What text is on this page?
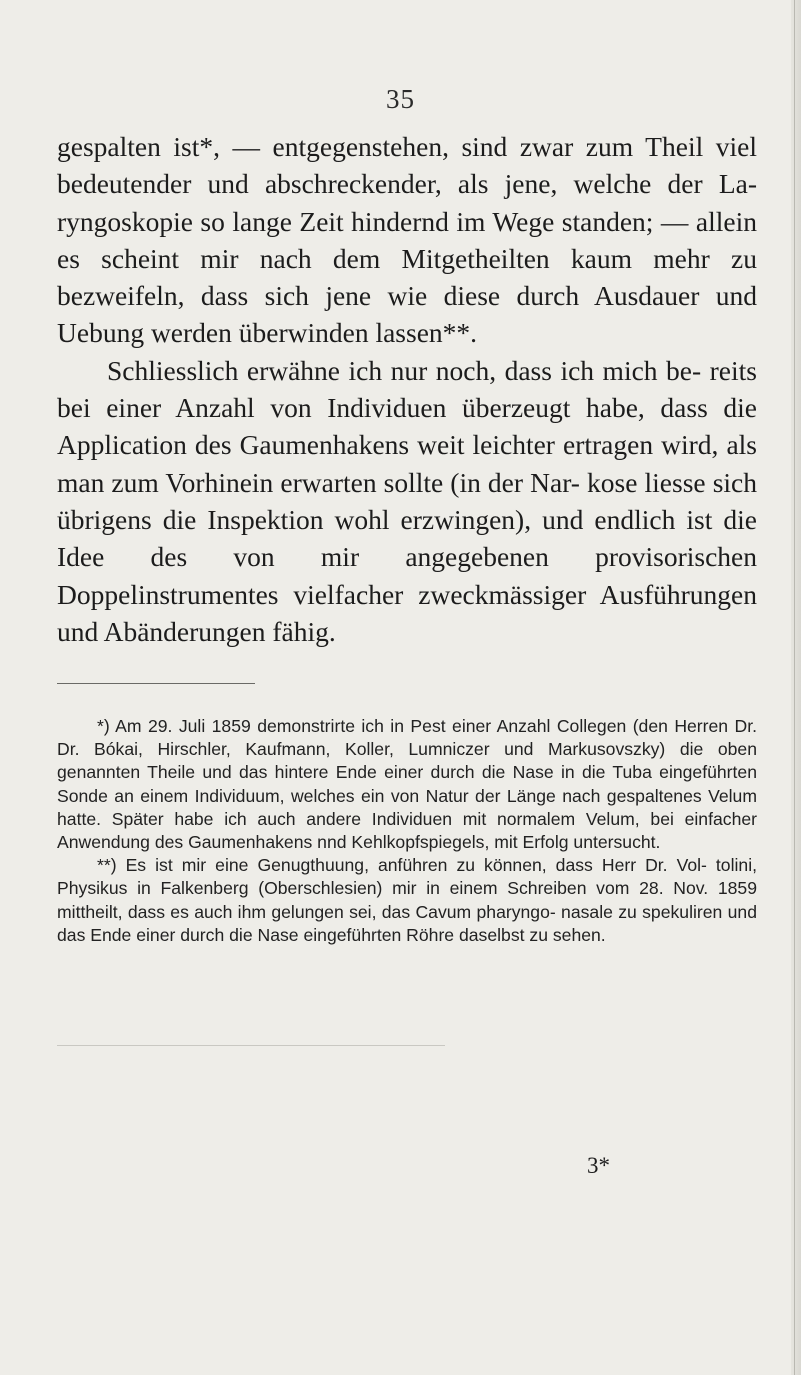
35

gespalten ist*, — entgegenstehen, sind zwar zum Theil viel bedeutender und abschreckender, als jene, welche der La- ryngoskopie so lange Zeit hindernd im Wege standen; — allein es scheint mir nach dem Mitgetheilten kaum mehr zu bezweifeln, dass sich jene wie diese durch Ausdauer und Uebung werden überwinden lassen**.

Schliesslich erwähne ich nur noch, dass ich mich be- reits bei einer Anzahl von Individuen überzeugt habe, dass die Application des Gaumenhakens weit leichter ertragen wird, als man zum Vorhinein erwarten sollte (in der Nar- kose liesse sich übrigens die Inspektion wohl erzwingen), und endlich ist die Idee des von mir angegebenen provisorischen Doppelinstrumentes vielfacher zweckmässiger Ausführungen und Abänderungen fähig.

*) Am 29. Juli 1859 demonstrirte ich in Pest einer Anzahl Collegen (den Herren Dr. Dr. Bókai, Hirschler, Kaufmann, Koller, Lumniczer und Markusovszky) die oben genannten Theile und das hintere Ende einer durch die Nase in die Tuba eingeführten Sonde an einem Individuum, welches ein von Natur der Länge nach gespaltenes Velum hatte. Später habe ich auch andere Individuen mit normalem Velum, bei einfacher Anwendung des Gaumenhakens nnd Kehlkopfspiegels, mit Erfolg untersucht.

**) Es ist mir eine Genugthuung, anführen zu können, dass Herr Dr. Vol- tolini, Physikus in Falkenberg (Oberschlesien) mir in einem Schreiben vom 28. Nov. 1859 mittheilt, dass es auch ihm gelungen sei, das Cavum pharyngo- nasale zu spekuliren und das Ende einer durch die Nase eingeführten Röhre daselbst zu sehen.

3*
